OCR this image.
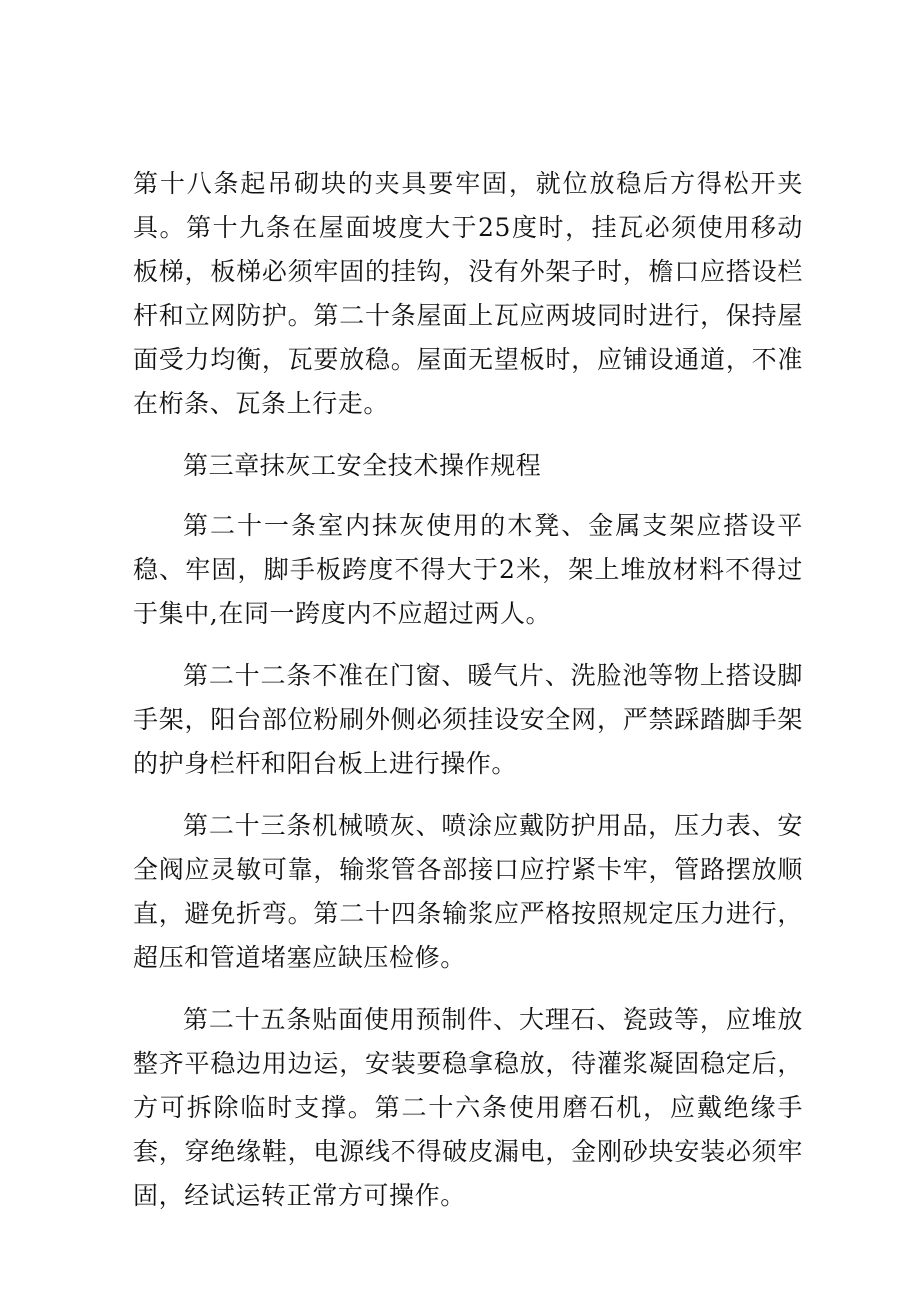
第十八条起吊砌块的夹具要牢固，就位放稳后方得松开夹具。第十九条在屋面坡度大于25度时，挂瓦必须使用移动板梯，板梯必须牢固的挂钩，没有外架子时，檐口应搭设栏杆和立网防护。第二十条屋面上瓦应两坡同时进行，保持屋面受力均衡，瓦要放稳。屋面无望板时，应铺设通道，不准在桁条、瓦条上行走。

第三章抹灰工安全技术操作规程

第二十一条室内抹灰使用的木凳、金属支架应搭设平稳、牢固，脚手板跨度不得大于2米，架上堆放材料不得过于集中,在同一跨度内不应超过两人。

第二十二条不准在门窗、暖气片、洗脸池等物上搭设脚手架，阳台部位粉刷外侧必须挂设安全网，严禁踩踏脚手架的护身栏杆和阳台板上进行操作。

第二十三条机械喷灰、喷涂应戴防护用品，压力表、安全阀应灵敏可靠，输浆管各部接口应拧紧卡牢，管路摆放顺直，避免折弯。第二十四条输浆应严格按照规定压力进行，超压和管道堵塞应缺压检修。

第二十五条贴面使用预制件、大理石、瓷豉等，应堆放整齐平稳边用边运，安装要稳拿稳放，待灌浆凝固稳定后，方可拆除临时支撑。第二十六条使用磨石机，应戴绝缘手套，穿绝缘鞋，电源线不得破皮漏电，金刚砂块安装必须牢固，经试运转正常方可操作。
